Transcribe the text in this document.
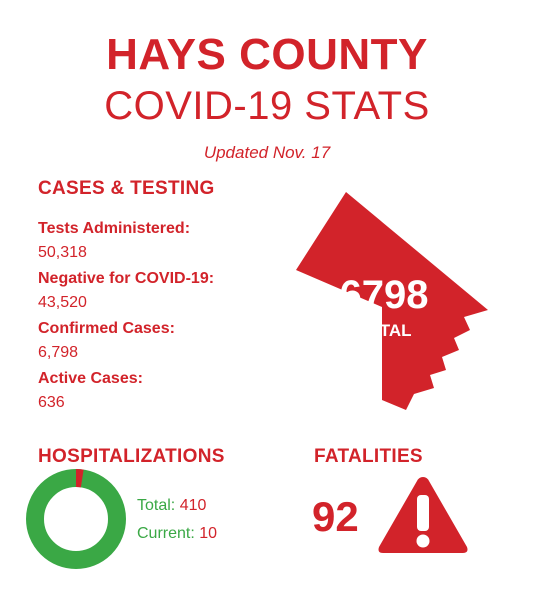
HAYS COUNTY
COVID-19 STATS
Updated Nov. 17
CASES & TESTING
Tests Administered:
50,318
Negative for COVID-19:
43,520
Confirmed Cases:
6,798
Active Cases:
636
6798
TOTAL
HOSPITALIZATIONS
Total: 410
Current: 10
FATALITIES
92
